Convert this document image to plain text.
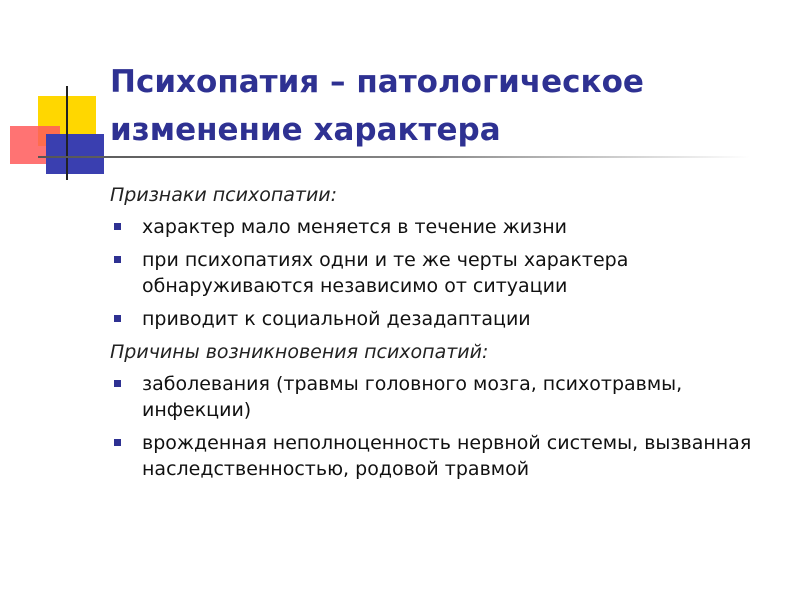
Психопатия – патологическое
изменение характера

Признаки психопатии:

характер мало меняется в течение жизни
при психопатиях одни и те же черты характера обнаруживаются независимо от ситуации
приводит к социальной дезадаптации

Причины возникновения психопатий:

заболевания (травмы головного мозга, психотравмы, инфекции)
врожденная неполноценность нервной системы, вызванная наследственностью, родовой травмой
